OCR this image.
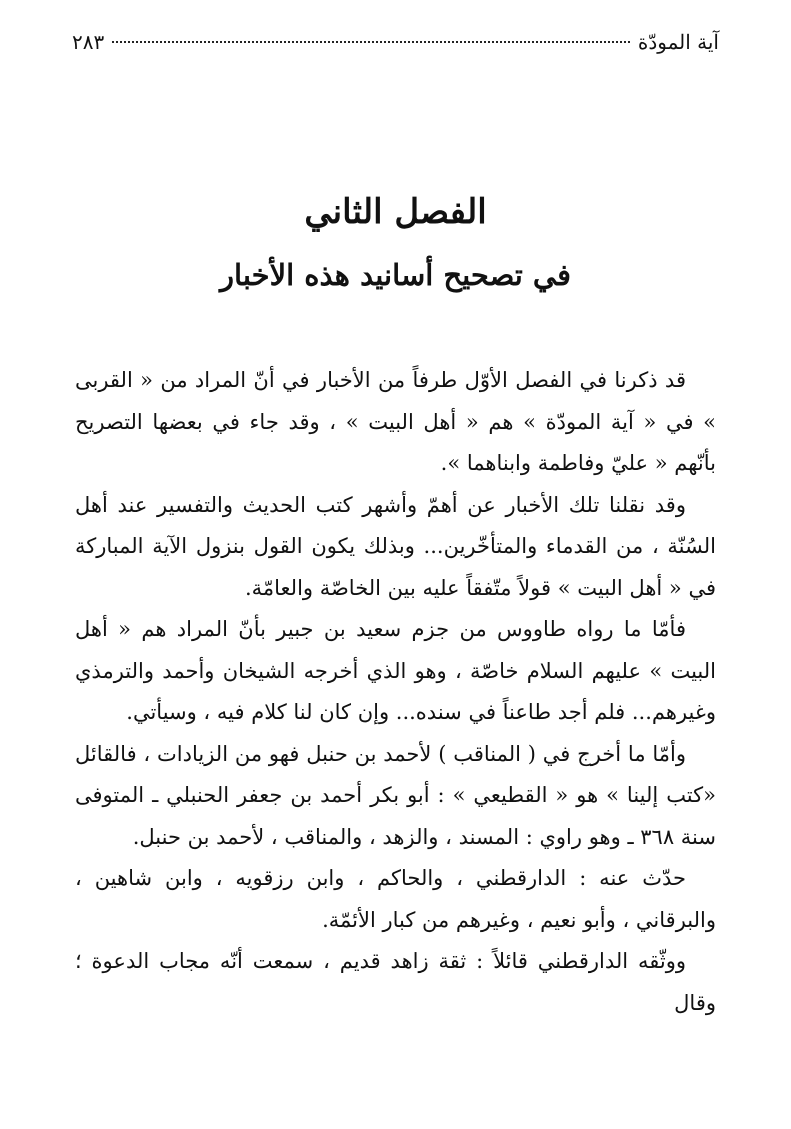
آية المودّة
٢٨٣
الفصل الثاني
في تصحيح أسانيد هذه الأخبار

قد ذكرنا في الفصل الأوّل طرفاً من الأخبار في أنّ المراد من « القربى » في « آية المودّة » هم « أهل البيت » ، وقد جاء في بعضها التصريح بأنّهم « عليّ وفاطمة وابناهما ».

وقد نقلنا تلك الأخبار عن أهمّ وأشهر كتب الحديث والتفسير عند أهل السُنّة ، من القدماء والمتأخّرين... وبذلك يكون القول بنزول الآية المباركة في « أهل البيت » قولاً متّفقاً عليه بين الخاصّة والعامّة.

فأمّا ما رواه طاووس من جزم سعيد بن جبير بأنّ المراد هم « أهل البيت » عليهم السلام خاصّة ، وهو الذي أخرجه الشيخان وأحمد والترمذي وغيرهم... فلم أجد طاعناً في سنده... وإن كان لنا كلام فيه ، وسيأتي.

وأمّا ما أخرج في ( المناقب ) لأحمد بن حنبل فهو من الزيادات ، فالقائل «كتب إلينا » هو « القطيعي » : أبو بكر أحمد بن جعفر الحنبلي ـ المتوفى سنة ٣٦٨ ـ وهو راوي : المسند ، والزهد ، والمناقب ، لأحمد بن حنبل.

حدّث عنه : الدارقطني ، والحاكم ، وابن رزقويه ، وابن شاهين ، والبرقاني ، وأبو نعيم ، وغيرهم من كبار الأئمّة.

ووثّقه الدارقطني قائلاً : ثقة زاهد قديم ، سمعت أنّه مجاب الدعوة ؛ وقال
